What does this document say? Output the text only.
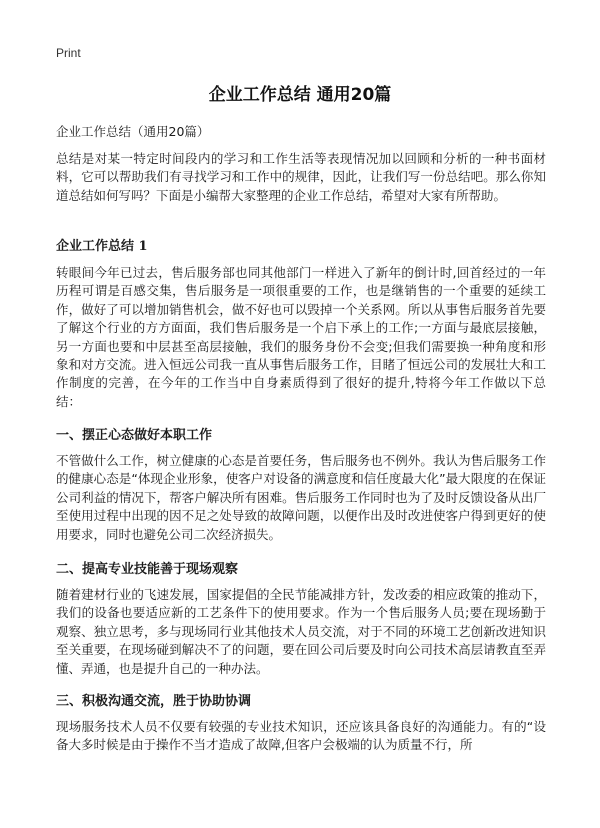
Print
企业工作总结 通用20篇
企业工作总结（通用20篇）

总结是对某一特定时间段内的学习和工作生活等表现情况加以回顾和分析的一种书面材料，它可以帮助我们有寻找学习和工作中的规律，因此，让我们写一份总结吧。那么你知道总结如何写吗？下面是小编帮大家整理的企业工作总结，希望对大家有所帮助。

企业工作总结 1

转眼间今年已过去，售后服务部也同其他部门一样进入了新年的倒计时,回首经过的一年历程可谓是百感交集，售后服务是一项很重要的工作，也是继销售的一个重要的延续工作，做好了可以增加销售机会，做不好也可以毁掉一个关系网。所以从事售后服务首先要了解这个行业的方方面面，我们售后服务是一个启下承上的工作;一方面与最底层接触，另一方面也要和中层甚至高层接触，我们的服务身份不会变;但我们需要换一种角度和形象和对方交流。进入恒远公司我一直从事售后服务工作，目睹了恒远公司的发展壮大和工作制度的完善，在今年的工作当中自身素质得到了很好的提升,特将今年工作做以下总结：

一、摆正心态做好本职工作

不管做什么工作，树立健康的心态是首要任务，售后服务也不例外。我认为售后服务工作的健康心态是“体现企业形象，使客户对设备的满意度和信任度最大化”最大限度的在保证公司利益的情况下，帮客户解决所有困难。售后服务工作同时也为了及时反馈设备从出厂至使用过程中出现的因不足之处导致的故障问题，以便作出及时改进使客户得到更好的使用要求，同时也避免公司二次经济损失。

二、提高专业技能善于现场观察

随着建材行业的飞速发展，国家提倡的全民节能减排方针，发改委的相应政策的推动下，我们的设备也要适应新的工艺条件下的使用要求。作为一个售后服务人员;要在现场勤于观察、独立思考，多与现场同行业其他技术人员交流，对于不同的环境工艺创新改进知识至关重要，在现场碰到解决不了的问题，要在回公司后要及时向公司技术高层请教直至弄懂、弄通，也是提升自己的一种办法。

三、积极沟通交流，胜于协助协调

现场服务技术人员不仅要有较强的专业技术知识，还应该具备良好的沟通能力。有的“设备大多时候是由于操作不当才造成了故障,但客户会极端的认为质量不行，所
